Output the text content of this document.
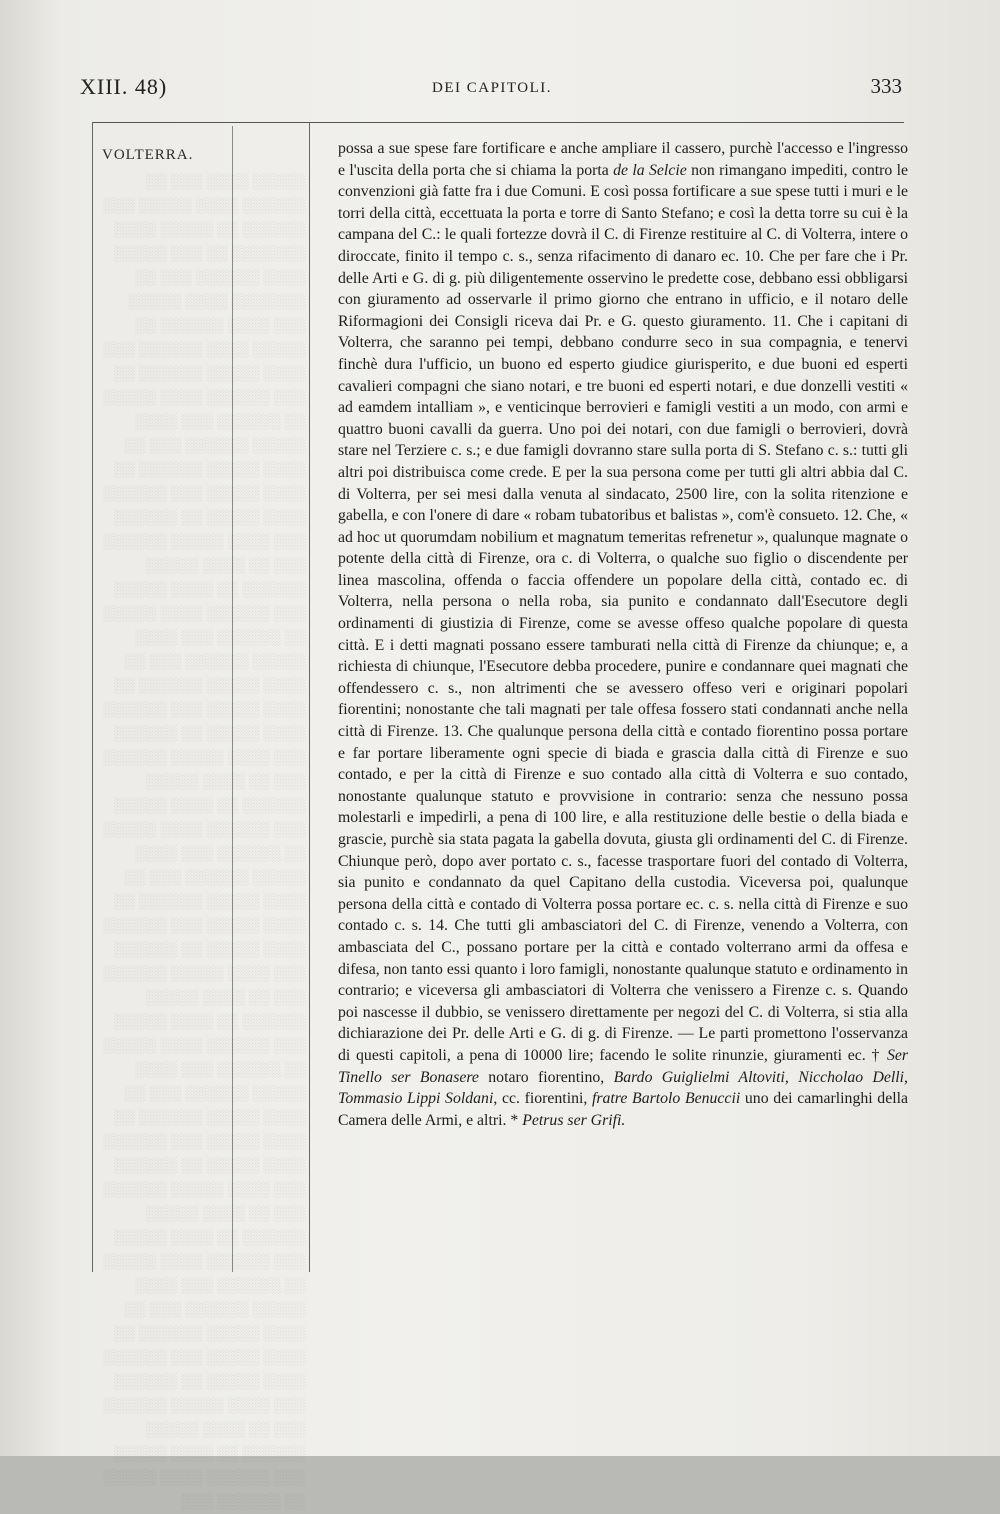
XIII. 48)	DEI CAPITOLI.	333
░░░░░ ░░░░ ░░░ ░░ ░░░░░░ ░░░░ ░░░░░ ░░░ ░░░░░░ ░░ ░░░░░ ░░░░ ░░░░░░░ ░░ ░░░ ░░░░░ ░░░░ ░░░░░░ ░░░ ░░ ░░░░░░░ ░░░░ ░░░░░ ░░░ ░░░░ ░░░░░░ ░░ ░░░░░ ░░░░ ░░░░░░ ░░░ ░░░░ ░░░░░ ░░░░░░ ░░ ░░░ ░░░░░░ ░░░░ ░░░░░ ░░ ░░░░░░ ░░░ ░░░░ ░░░░░ ░░░░░░ ░░░ ░░ ░░░░ ░░░░░ ░░░░░░ ░░ ░░░░ ░░░░░ ░░░ ░░░░░░ ░░░░ ░░░░░ ░░ ░░░░░░ ░░░ ░░░░ ░░░░░ ░░░░░░ ░░░ ░░ ░░░░ ░░░░░ ░░░░░░ ░░ ░░░░ ░░░░░ ░░░ ░░░░░░ ░░░░ ░░░░░ ░░ ░░░░░░ ░░░ ░░░░ ░░░░░ ░░░░░░ ░░░ ░░ ░░░░ ░░░░░ ░░░░░░ ░░ ░░░░ ░░░░░ ░░░ ░░░░░░ ░░░░ ░░░░░ ░░ ░░░░░░ ░░░ ░░░░ ░░░░░ ░░░░░░ ░░░ ░░ ░░░░ ░░░░░ ░░░░░░ ░░ ░░░░ ░░░░░ ░░░ ░░░░░░ ░░░░ ░░░░░ ░░ ░░░░░░ ░░░ ░░░░ ░░░░░ ░░░░░░ ░░░ ░░ ░░░░ ░░░░░ ░░░░░░ ░░ ░░░░ ░░░░░ ░░░ ░░░░░░ ░░░░ ░░░░░ ░░ ░░░░░░ ░░░ ░░░░ ░░░░░ ░░░░░░ ░░░ ░░ ░░░░ ░░░░░ ░░░░░░ ░░ ░░░░ ░░░░░ ░░░ ░░░░░░ ░░░░ ░░░░░ ░░ ░░░░░░ ░░░ ░░░░ ░░░░░ ░░░░░░ ░░░ ░░ ░░░░ ░░░░░ ░░░░░░ ░░ ░░░░ ░░░░░ ░░░ ░░░░░░ ░░░░ ░░░░░ ░░ ░░░░░░ ░░░ ░░░░ ░░░░░ ░░░░░░ ░░░ ░░ ░░░░ ░░░░░ ░░░░░░ ░░ ░░░░ ░░░░░ ░░░ ░░░░░░ ░░░░ ░░░░░ ░░ ░░░░░░ ░░░ ░░░░ ░░░░░ ░░░░░░ ░░░ ░░ ░░░░ ░░░░░ ░░░░░░ ░░ ░░░░ ░░░░░ ░░░ ░░░░░░ ░░░░ ░░░░░ ░░ ░░░░░░ ░░░ ░░░░ ░░░░░ ░░░░░░ ░░░ ░░ ░░░░ ░░░░░ ░░░░░░ ░░ ░░░░ ░░░░░ ░░░ ░░░░░░ ░░░░ ░░░░░ ░░ ░░░░░░ ░░░
VOLTERRA.	possa a sue spese fare fortificare e anche ampliare il cassero, purchè l'accesso e l'ingresso e l'uscita della porta che si chiama la porta de la Selcie non rimangano impediti, contro le convenzioni già fatte fra i due Comuni. E così possa fortificare a sue spese tutti i muri e le torri della città, eccettuata la porta e torre di Santo Stefano; e così la detta torre su cui è la campana del C.: le quali fortezze dovrà il C. di Firenze restituire al C. di Volterra, intere o diroccate, finito il tempo c. s., senza rifacimento di danaro ec. 10. Che per fare che i Pr. delle Arti e G. di g. più diligentemente osservino le predette cose, debbano essi obbligarsi con giuramento ad osservarle il primo giorno che entrano in ufficio, e il notaro delle Riformagioni dei Consigli riceva dai Pr. e G. questo giuramento. 11. Che i capitani di Volterra, che saranno pei tempi, debbano condurre seco in sua compagnia, e tenervi finchè dura l'ufficio, un buono ed esperto giudice giurisperito, e due buoni ed esperti cavalieri compagni che siano notari, e tre buoni ed esperti notari, e due donzelli vestiti « ad eamdem intalliam », e venticinque berrovieri e famigli vestiti a un modo, con armi e quattro buoni cavalli da guerra. Uno poi dei notari, con due famigli o berrovieri, dovrà stare nel Terziere c. s.; e due famigli dovranno stare sulla porta di S. Stefano c. s.: tutti gli altri poi distribuisca come crede. E per la sua persona come per tutti gli altri abbia dal C. di Volterra, per sei mesi dalla venuta al sindacato, 2500 lire, con la solita ritenzione e gabella, e con l'onere di dare « robam tubatoribus et balistas », com'è consueto. 12. Che, « ad hoc ut quorumdam nobilium et magnatum temeritas refrenetur », qualunque magnate o potente della città di Firenze, ora c. di Volterra, o qualche suo figlio o discendente per linea mascolina, offenda o faccia offendere un popolare della città, contado ec. di Volterra, nella persona o nella roba, sia punito e condannato dall'Esecutore degli ordinamenti di giustizia di Firenze, come se avesse offeso qualche popolare di questa città. E i detti magnati possano essere tamburati nella città di Firenze da chiunque; e, a richiesta di chiunque, l'Esecutore debba procedere, punire e condannare quei magnati che offendessero c. s., non altrimenti che se avessero offeso veri e originari popolari fiorentini; nonostante che tali magnati per tale offesa fossero stati condannati anche nella città di Firenze. 13. Che qualunque persona della città e contado fiorentino possa portare e far portare liberamente ogni specie di biada e grascia dalla città di Firenze e suo contado, e per la città di Firenze e suo contado alla città di Volterra e suo contado, nonostante qualunque statuto e provvisione in contrario: senza che nessuno possa molestarli e impedirli, a pena di 100 lire, e alla restituzione delle bestie o della biada e grascie, purchè sia stata pagata la gabella dovuta, giusta gli ordinamenti del C. di Firenze. Chiunque però, dopo aver portato c. s., facesse trasportare fuori del contado di Volterra, sia punito e condannato da quel Capitano della custodia. Viceversa poi, qualunque persona della città e contado di Volterra possa portare ec. c. s. nella città di Firenze e suo contado c. s. 14. Che tutti gli ambasciatori del C. di Firenze, venendo a Volterra, con ambasciata del C., possano portare per la città e contado volterrano armi da offesa e difesa, non tanto essi quanto i loro famigli, nonostante qualunque statuto e ordinamento in contrario; e viceversa gli ambasciatori di Volterra che venissero a Firenze c. s. Quando poi nascesse il dubbio, se venissero direttamente per negozi del C. di Volterra, si stia alla dichiarazione dei Pr. delle Arti e G. di g. di Firenze. — Le parti promettono l'osservanza di questi capitoli, a pena di 10000 lire; facendo le solite rinunzie, giuramenti ec. † Ser Tinello ser Bonasere notaro fiorentino, Bardo Guiglielmi Altoviti, Niccholao Delli, Tommasio Lippi Soldani, cc. fiorentini, fratre Bartolo Benuccii uno dei camarlinghi della Camera delle Armi, e altri. * Petrus ser Grifi.
